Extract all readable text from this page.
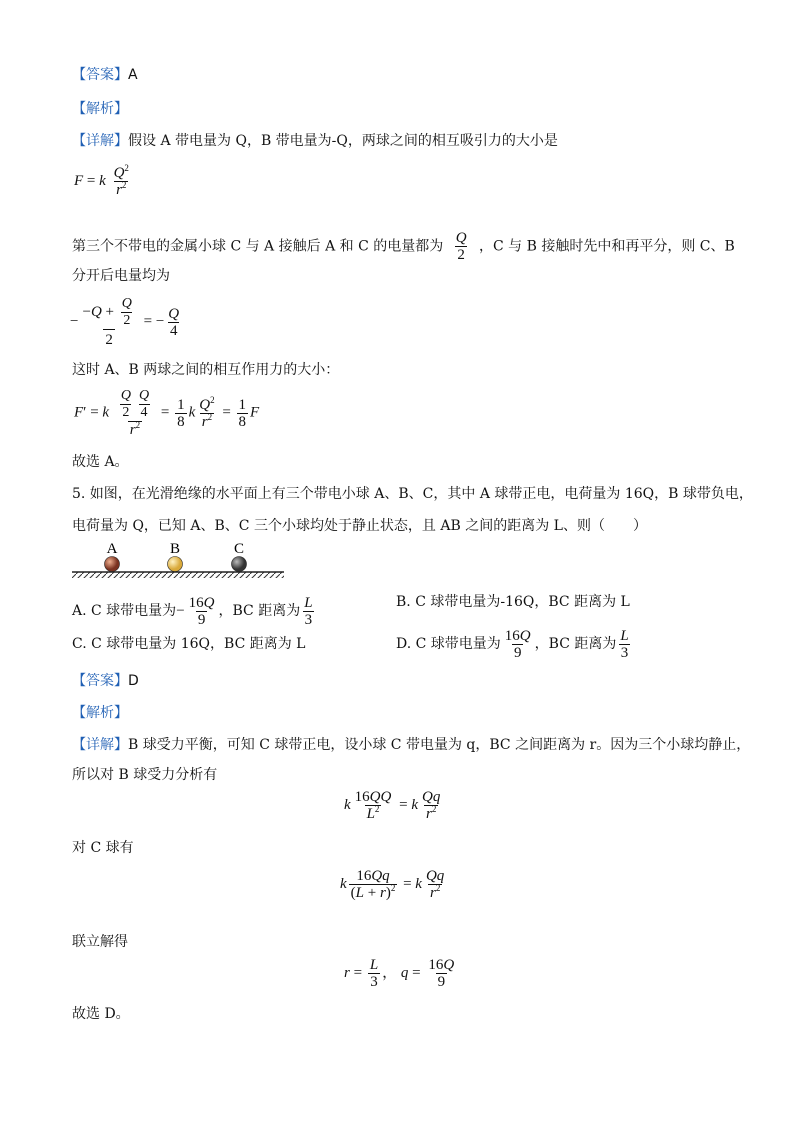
【答案】A
【解析】
【详解】假设 A 带电量为 Q，B 带电量为-Q，两球之间的相互吸引力的大小是
F = k $\frac{Q^2}{r^2}$
第三个不带电的金属小球 C 与 A 接触后 A 和 C 的电量都为 $\frac{Q}{2}$ ，C 与 B 接触时先中和再平分，则 C、B
分开后电量均为
− $\frac{-Q + \frac{Q}{2}}{2}$ = − $\frac{Q}{4}$
这时 A、B 两球之间的相互作用力的大小：
F′ = k $\frac{\frac{Q}{2} \frac{Q}{4}}{r^2} = \frac{1}{8}$ k $\frac{Q^2}{r^2} = \frac{1}{8}$ F
故选 A。
5. 如图，在光滑绝缘的水平面上有三个带电小球 A、B、C，其中 A 球带正电，电荷量为 16Q，B 球带负电，
电荷量为 Q，已知 A、B、C 三个小球均处于静止状态，且 AB 之间的距离为 L、则（　　）
A	B	C
A. C 球带电量为− $\frac{16Q}{9}$ ，BC 距离为 $\frac{L}{3}$	B. C 球带电量为-16Q，BC 距离为 L
C. C 球带电量为 16Q，BC 距离为 L	D. C 球带电量为 $\frac{16Q}{9}$ ，BC 距离为 $\frac{L}{3}$
【答案】D
【解析】
【详解】B 球受力平衡，可知 C 球带正电，设小球 C 带电量为 q，BC 之间距离为 r。因为三个小球均静止，
所以对 B 球受力分析有
k $\frac{16QQ}{L^2} = k \frac{Qq}{r^2}$
对 C 球有
k $\frac{16Qq}{(L + r)^2} = k \frac{Qq}{r^2}$
联立解得
$r = \frac{L}{3}$ ， $q = \frac{16Q}{9}$
故选 D。
